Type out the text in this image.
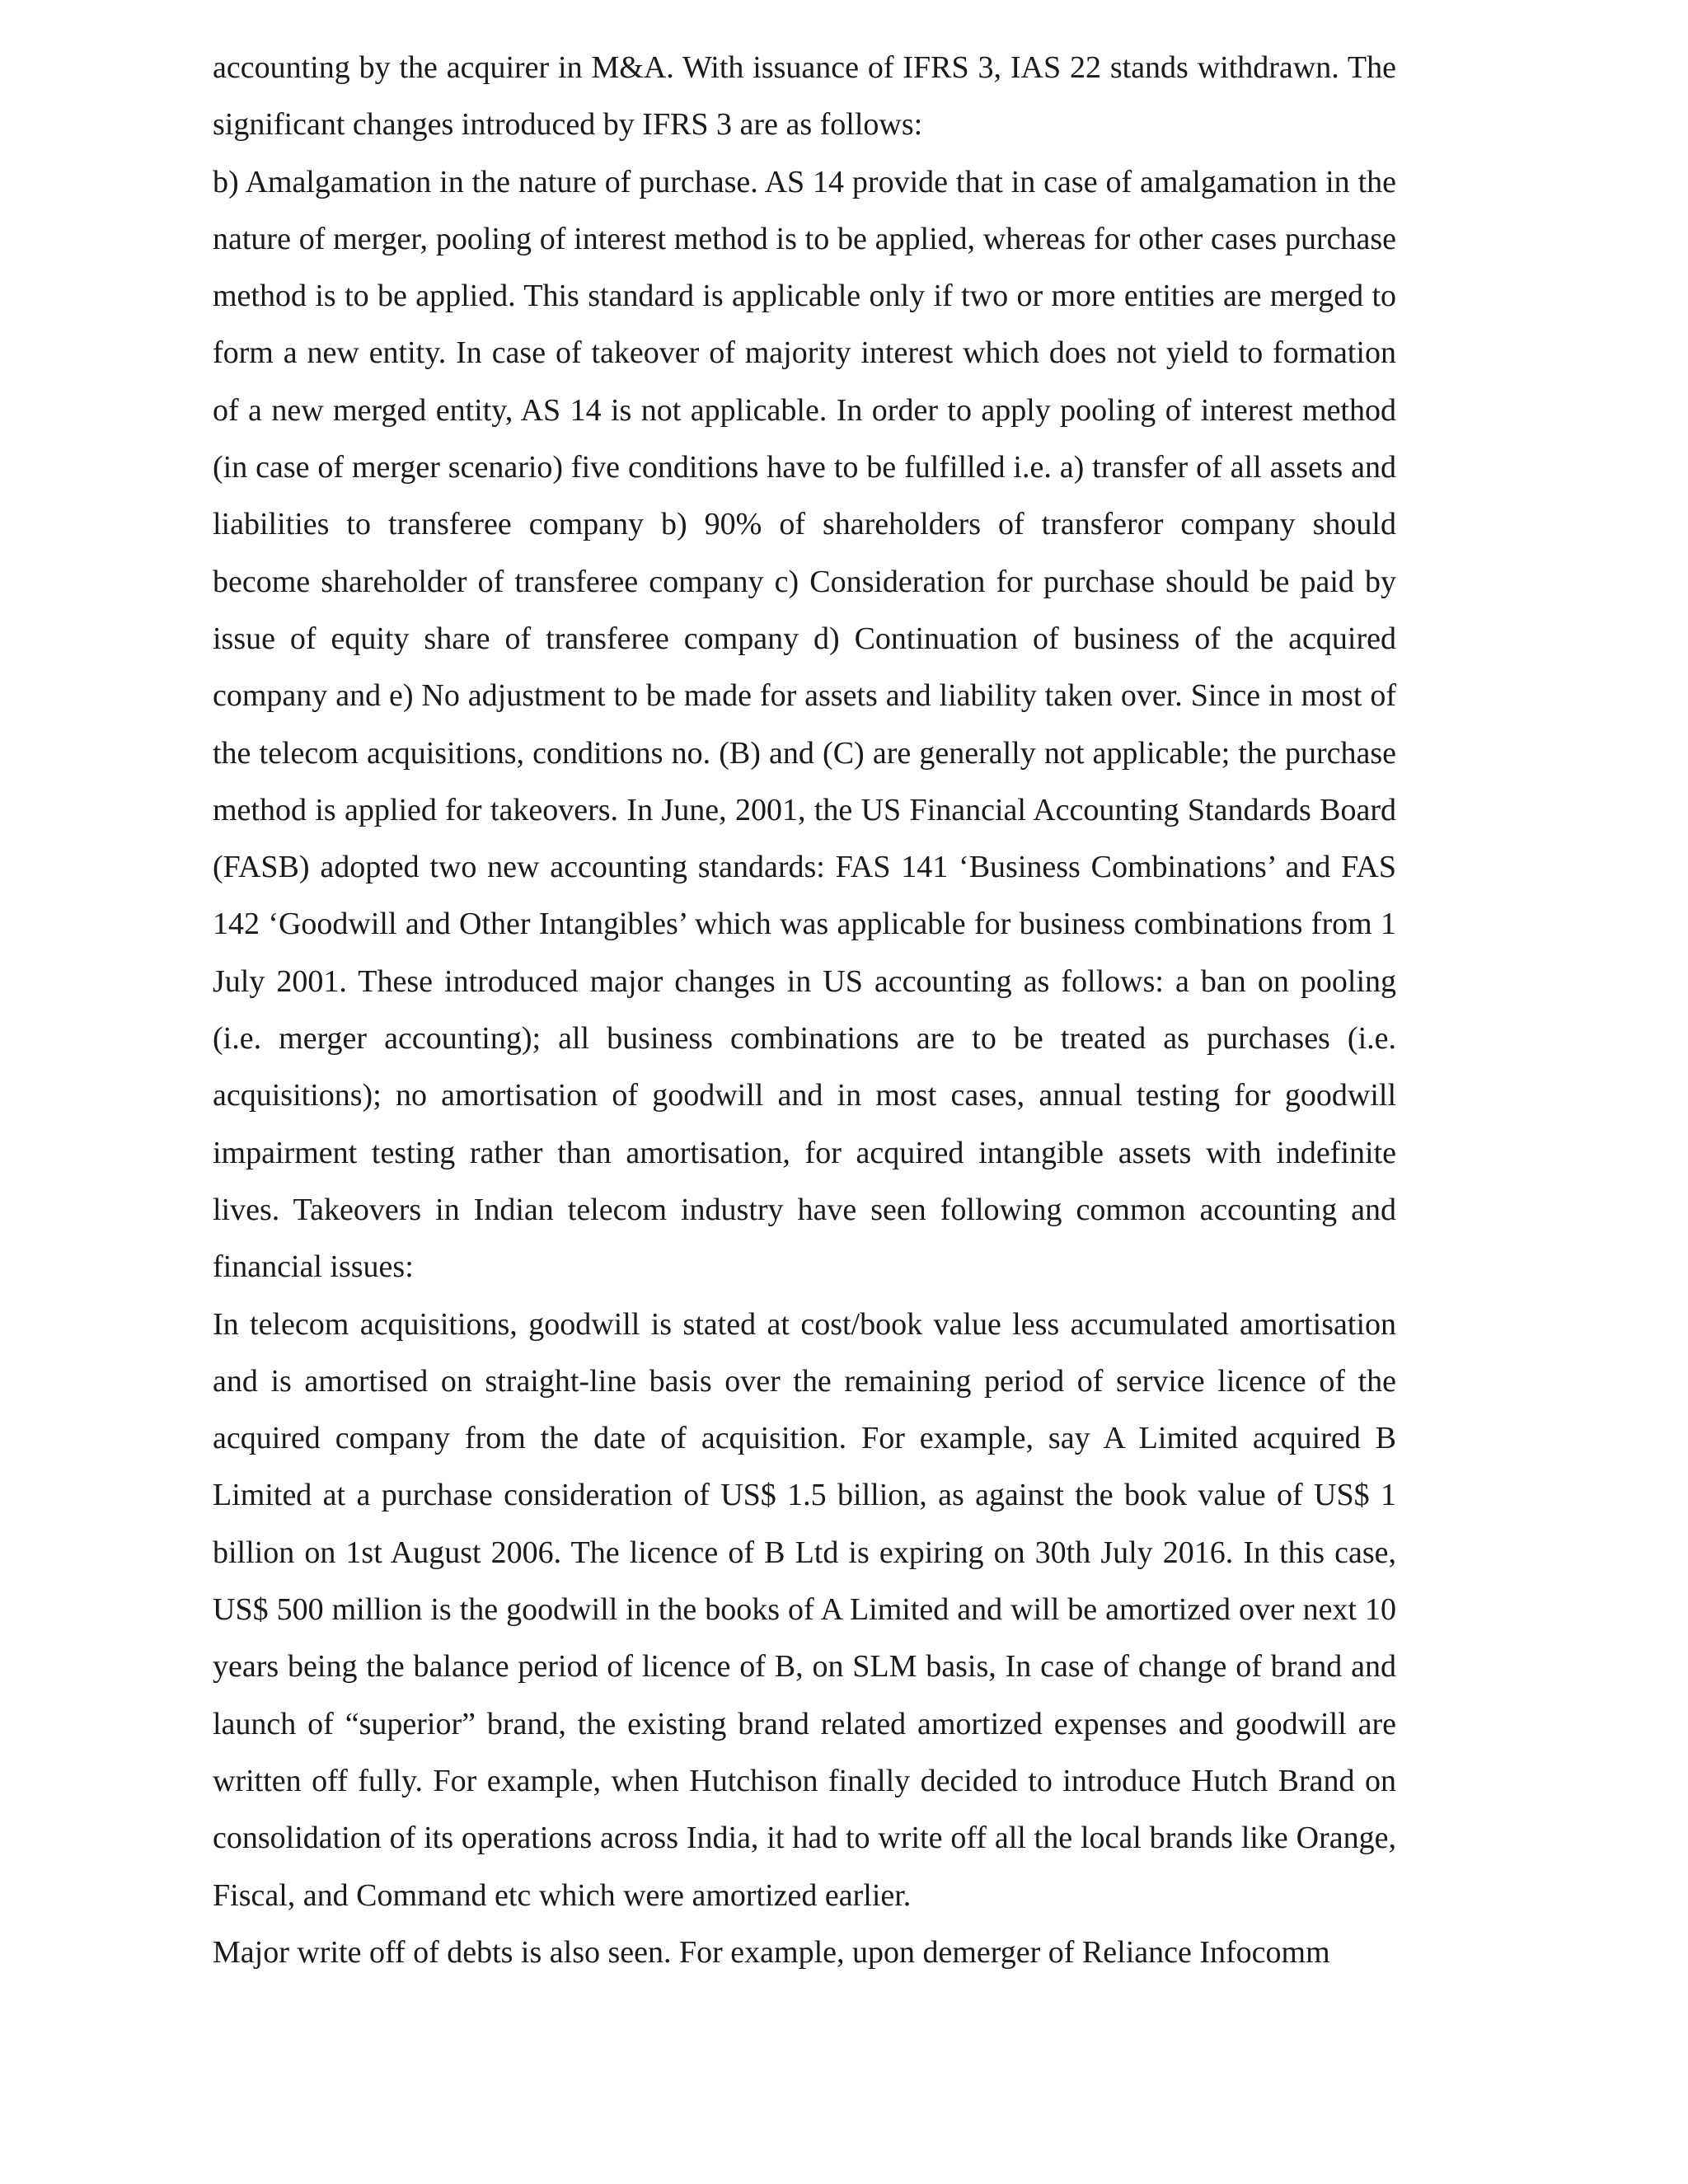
accounting by the acquirer in M&A. With issuance of IFRS 3, IAS 22 stands withdrawn. The significant changes introduced by IFRS 3 are as follows:

b) Amalgamation in the nature of purchase. AS 14 provide that in case of amalgamation in the nature of merger, pooling of interest method is to be applied, whereas for other cases purchase method is to be applied. This standard is applicable only if two or more entities are merged to form a new entity. In case of takeover of majority interest which does not yield to formation of a new merged entity, AS 14 is not applicable. In order to apply pooling of interest method (in case of merger scenario) five conditions have to be fulfilled i.e. a) transfer of all assets and liabilities to transferee company b) 90% of shareholders of transferor company should become shareholder of transferee company c) Consideration for purchase should be paid by issue of equity share of transferee company d) Continuation of business of the acquired company and e) No adjustment to be made for assets and liability taken over. Since in most of the telecom acquisitions, conditions no. (B) and (C) are generally not applicable; the purchase method is applied for takeovers. In June, 2001, the US Financial Accounting Standards Board (FASB) adopted two new accounting standards: FAS 141 ‘Business Combinations’ and FAS 142 ‘Goodwill and Other Intangibles’ which was applicable for business combinations from 1 July 2001. These introduced major changes in US accounting as follows: a ban on pooling (i.e. merger accounting); all business combinations are to be treated as purchases (i.e. acquisitions); no amortisation of goodwill and in most cases, annual testing for goodwill impairment testing rather than amortisation, for acquired intangible assets with indefinite lives. Takeovers in Indian telecom industry have seen following common accounting and financial issues:

In telecom acquisitions, goodwill is stated at cost/book value less accumulated amortisation and is amortised on straight-line basis over the remaining period of service licence of the acquired company from the date of acquisition. For example, say A Limited acquired B Limited at a purchase consideration of US$ 1.5 billion, as against the book value of US$ 1 billion on 1st August 2006. The licence of B Ltd is expiring on 30th July 2016. In this case, US$ 500 million is the goodwill in the books of A Limited and will be amortized over next 10 years being the balance period of licence of B, on SLM basis, In case of change of brand and launch of “superior” brand, the existing brand related amortized expenses and goodwill are written off fully. For example, when Hutchison finally decided to introduce Hutch Brand on consolidation of its operations across India, it had to write off all the local brands like Orange, Fiscal, and Command etc which were amortized earlier.

Major write off of debts is also seen. For example, upon demerger of Reliance Infocomm
